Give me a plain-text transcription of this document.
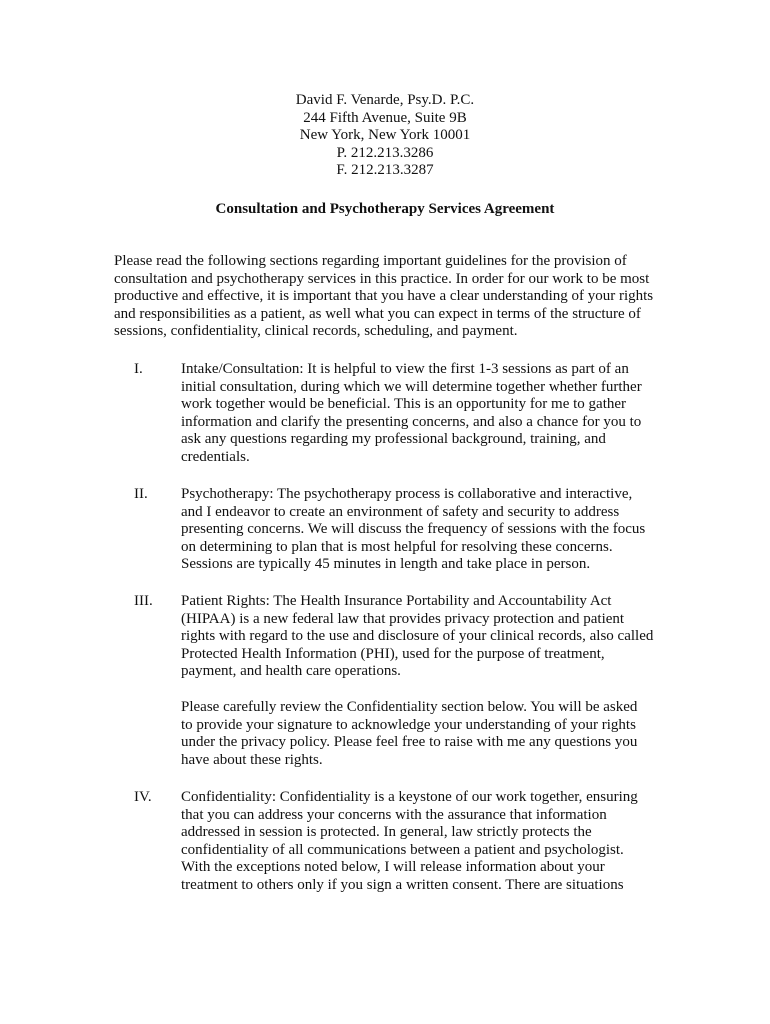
David F. Venarde, Psy.D. P.C.
244 Fifth Avenue, Suite 9B
New York, New York 10001
P. 212.213.3286
F. 212.213.3287
Consultation and Psychotherapy Services Agreement
Please read the following sections regarding important guidelines for the provision of
consultation and psychotherapy services in this practice. In order for our work to be most
productive and effective, it is important that you have a clear understanding of your rights
and responsibilities as a patient, as well what you can expect in terms of the structure of
sessions, confidentiality, clinical records, scheduling, and payment.
I.	Intake/Consultation: It is helpful to view the first 1-3 sessions as part of an
initial consultation, during which we will determine together whether further
work together would be beneficial. This is an opportunity for me to gather
information and clarify the presenting concerns, and also a chance for you to
ask any questions regarding my professional background, training, and
credentials.
II. Psychotherapy: The psychotherapy process is collaborative and interactive,
and I endeavor to create an environment of safety and security to address
presenting concerns. We will discuss the frequency of sessions with the focus
on determining to plan that is most helpful for resolving these concerns.
Sessions are typically 45 minutes in length and take place in person.
III. Patient Rights: The Health Insurance Portability and Accountability Act
(HIPAA) is a new federal law that provides privacy protection and patient
rights with regard to the use and disclosure of your clinical records, also called
Protected Health Information (PHI), used for the purpose of treatment,
payment, and health care operations.
Please carefully review the Confidentiality section below. You will be asked
to provide your signature to acknowledge your understanding of your rights
under the privacy policy. Please feel free to raise with me any questions you
have about these rights.
IV. Confidentiality: Confidentiality is a keystone of our work together, ensuring
that you can address your concerns with the assurance that information
addressed in session is protected. In general, law strictly protects the
confidentiality of all communications between a patient and psychologist.
With the exceptions noted below, I will release information about your
treatment to others only if you sign a written consent. There are situations
